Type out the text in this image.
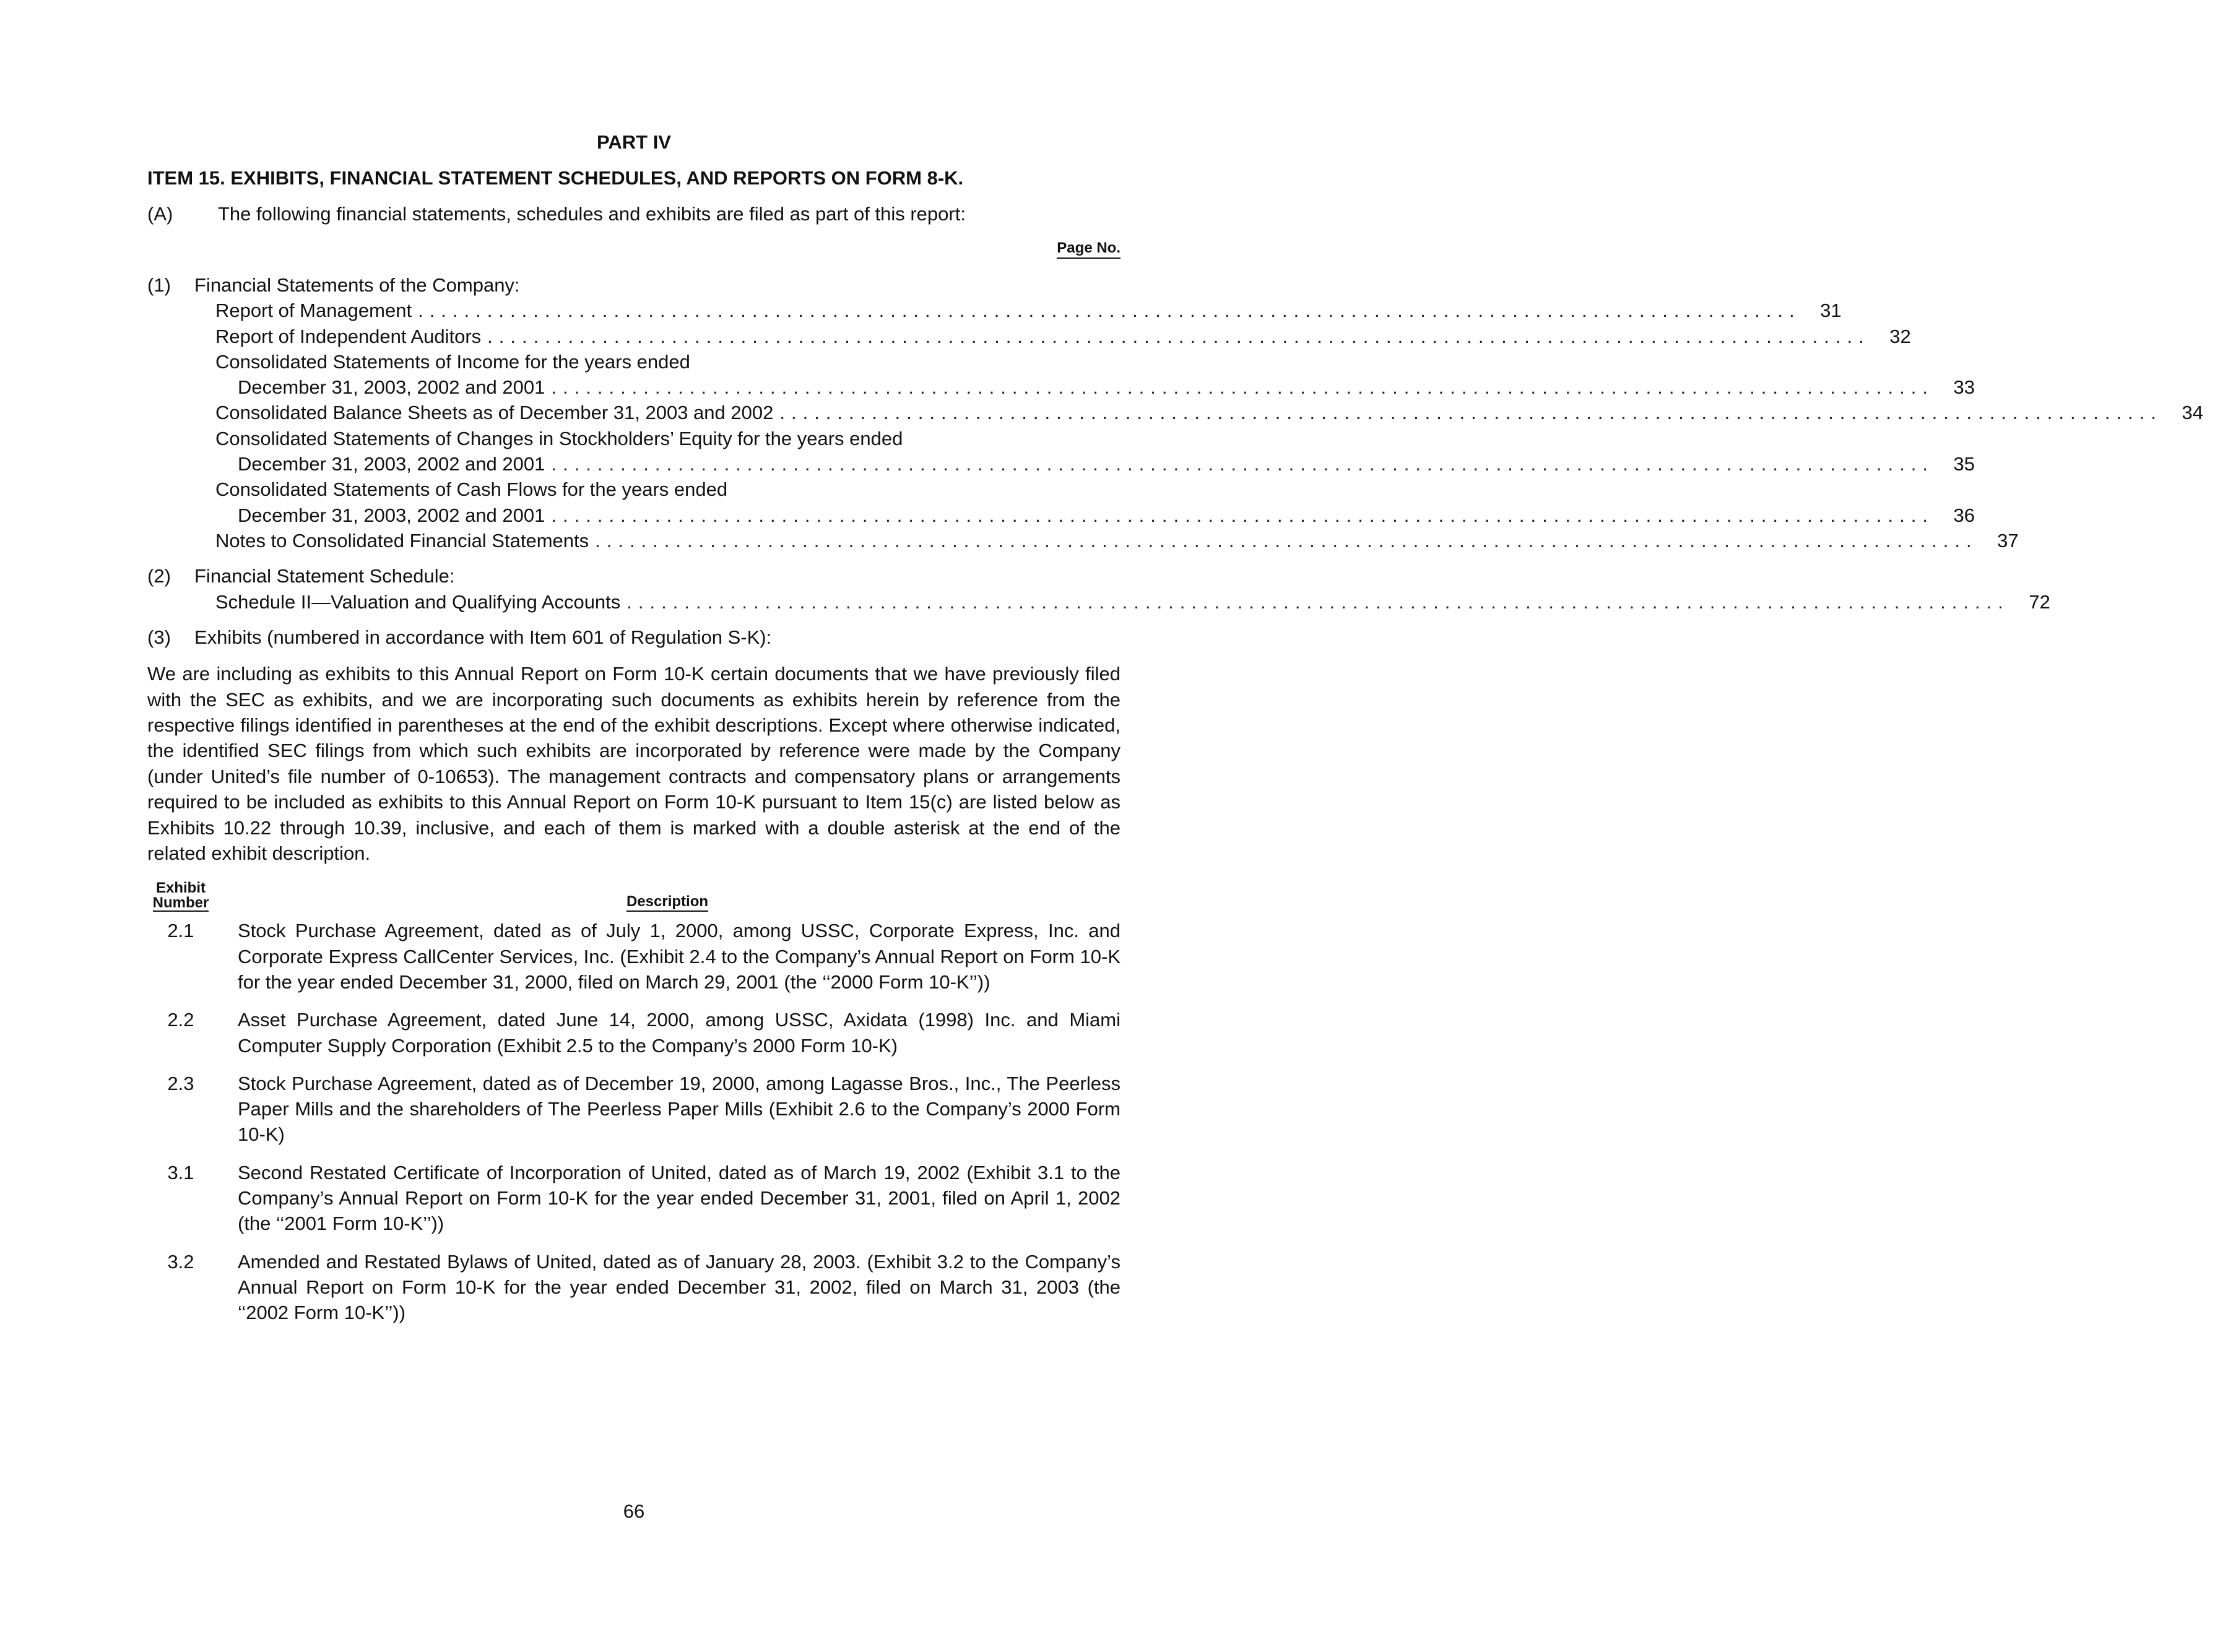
PART IV
ITEM 15. EXHIBITS, FINANCIAL STATEMENT SCHEDULES, AND REPORTS ON FORM 8-K.
(A)	The following financial statements, schedules and exhibits are filed as part of this report:
Page No.
(1)	Financial Statements of the Company:
Report of Management ........................................................................................................................	31
Report of Independent Auditors ........................................................................................................................	32
Consolidated Statements of Income for the years ended
December 31, 2003, 2002 and 2001 ........................................................................................................................	33
Consolidated Balance Sheets as of December 31, 2003 and 2002 ........................................................................................................................	34
Consolidated Statements of Changes in Stockholders’ Equity for the years ended
December 31, 2003, 2002 and 2001 ........................................................................................................................	35
Consolidated Statements of Cash Flows for the years ended
December 31, 2003, 2002 and 2001 ........................................................................................................................	36
Notes to Consolidated Financial Statements ........................................................................................................................	37
(2)	Financial Statement Schedule:
Schedule II—Valuation and Qualifying Accounts ........................................................................................................................	72
(3)	Exhibits (numbered in accordance with Item 601 of Regulation S-K):
We are including as exhibits to this Annual Report on Form 10-K certain documents that we have previously filed with the SEC as exhibits, and we are incorporating such documents as exhibits herein by reference from the respective filings identified in parentheses at the end of the exhibit descriptions. Except where otherwise indicated, the identified SEC filings from which such exhibits are incorporated by reference were made by the Company (under United’s file number of 0-10653). The management contracts and compensatory plans or arrangements required to be included as exhibits to this Annual Report on Form 10-K pursuant to Item 15(c) are listed below as Exhibits 10.22 through 10.39, inclusive, and each of them is marked with a double asterisk at the end of the related exhibit description.
Exhibit
Number	Description
2.1	Stock Purchase Agreement, dated as of July 1, 2000, among USSC, Corporate Express, Inc. and Corporate Express CallCenter Services, Inc. (Exhibit 2.4 to the Company’s Annual Report on Form 10-K for the year ended December 31, 2000, filed on March 29, 2001 (the ‘‘2000 Form 10-K’’))
2.2	Asset Purchase Agreement, dated June 14, 2000, among USSC, Axidata (1998) Inc. and Miami Computer Supply Corporation (Exhibit 2.5 to the Company’s 2000 Form 10-K)
2.3	Stock Purchase Agreement, dated as of December 19, 2000, among Lagasse Bros., Inc., The Peerless Paper Mills and the shareholders of The Peerless Paper Mills (Exhibit 2.6 to the Company’s 2000 Form 10-K)
3.1	Second Restated Certificate of Incorporation of United, dated as of March 19, 2002 (Exhibit 3.1 to the Company’s Annual Report on Form 10-K for the year ended December 31, 2001, filed on April 1, 2002 (the ‘‘2001 Form 10-K’’))
3.2	Amended and Restated Bylaws of United, dated as of January 28, 2003. (Exhibit 3.2 to the Company’s Annual Report on Form 10-K for the year ended December 31, 2002, filed on March 31, 2003 (the ‘‘2002 Form 10-K’’))
66
